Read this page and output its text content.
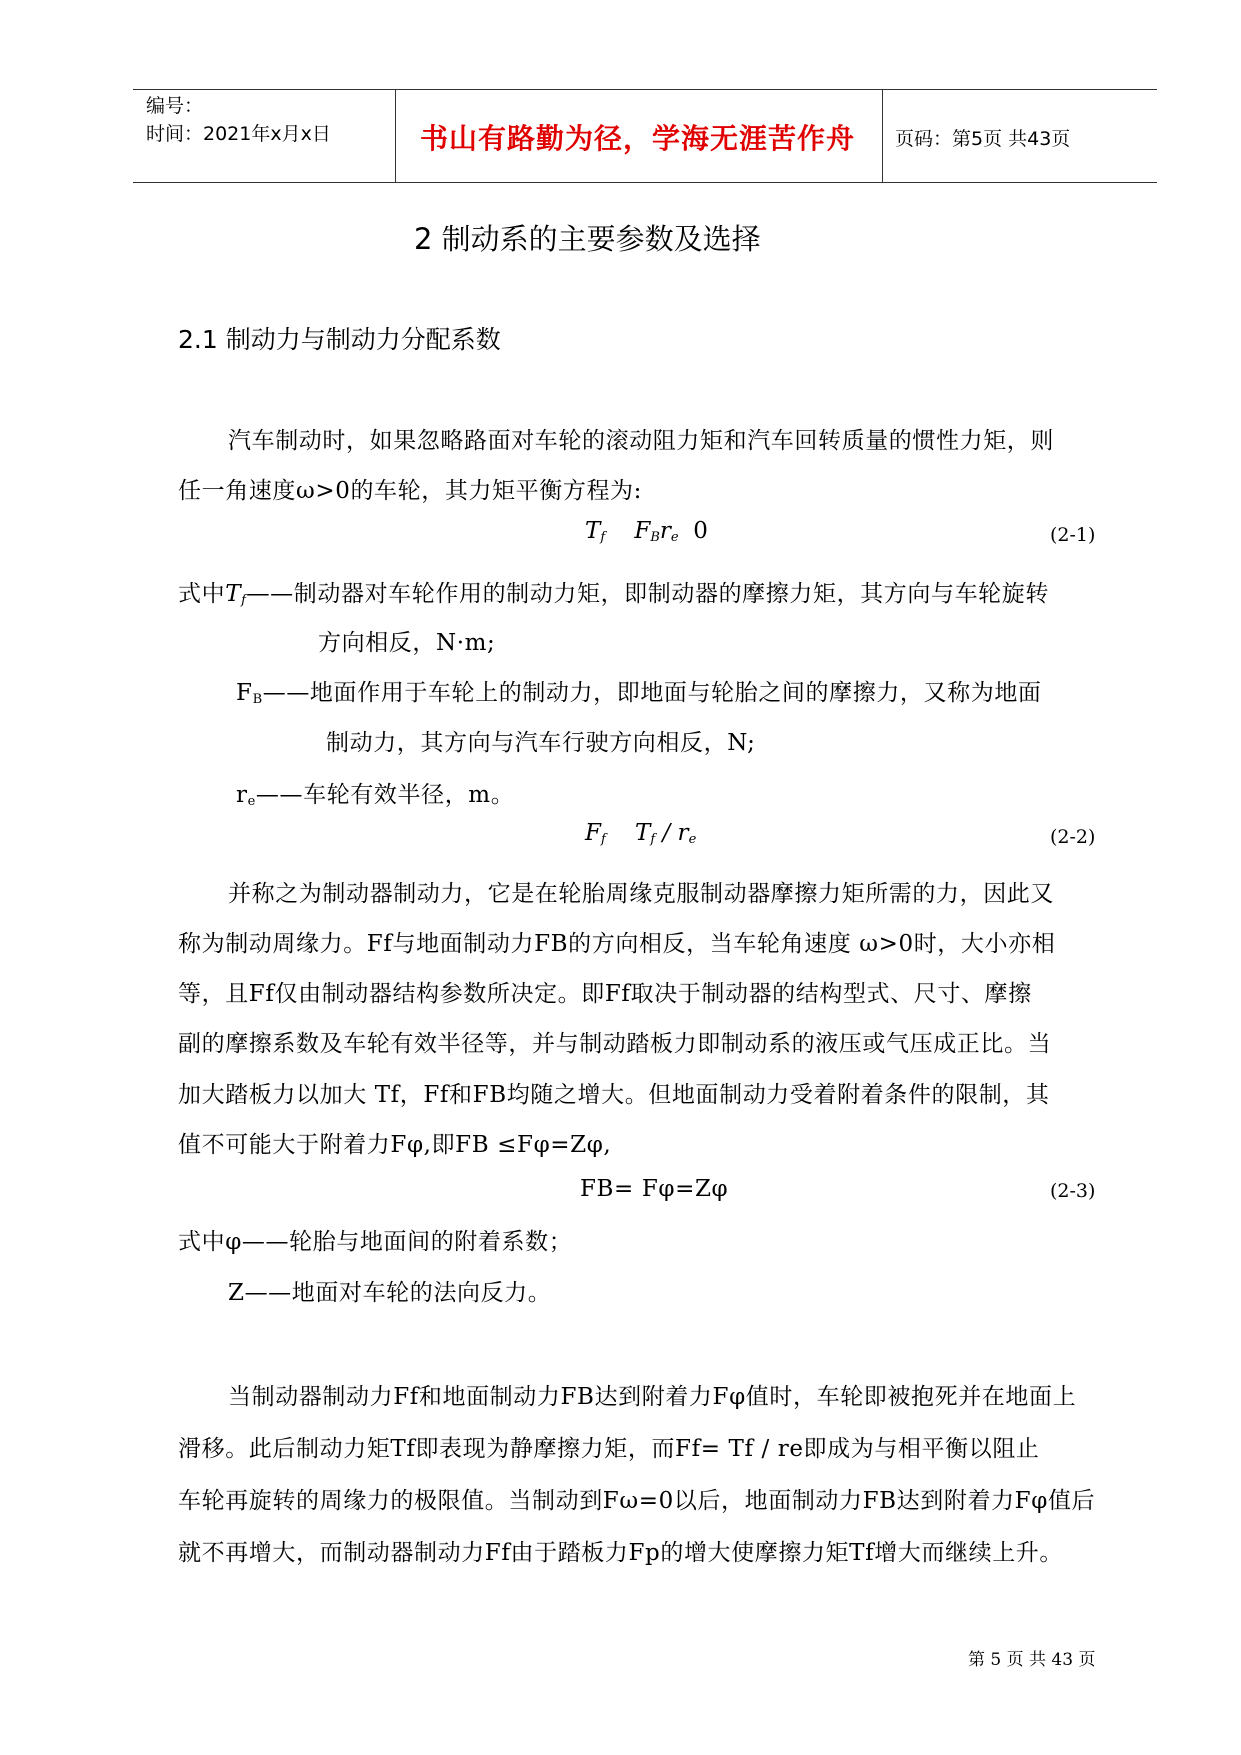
编号：
时间：2021年x月x日	书山有路勤为径，学海无涯苦作舟 页码：第5页 共43页
2 制动系的主要参数及选择
2.1 制动力与制动力分配系数
汽车制动时，如果忽略路面对车轮的滚动阻力矩和汽车回转质量的惯性力矩，则
任一角速度ω>0的车轮，其力矩平衡方程为:
$T_f$    $F_Br_e$ 0	(2-1)
式中$T_f——$制动器对车轮作用的制动力矩，即制动器的摩擦力矩，其方向与车轮旋转
方向相反，N·m;
$F_B——$地面作用于车轮上的制动力，即地面与轮胎之间的摩擦力，又称为地面
制动力，其方向与汽车行驶方向相反，N;
$r_e——$车轮有效半径，m。
$F_f$    $T_f / r_e$	(2-2)
并称之为制动器制动力，它是在轮胎周缘克服制动器摩擦力矩所需的力，因此又
称为制动周缘力。Ff与地面制动力FB的方向相反，当车轮角速度 ω>0时，大小亦相
等，且Ff仅由制动器结构参数所决定。即Ff取决于制动器的结构型式、尺寸、摩擦
副的摩擦系数及车轮有效半径等，并与制动踏板力即制动系的液压或气压成正比。当
加大踏板力以加大 Tf，Ff和FB均随之增大。但地面制动力受着附着条件的限制，其
值不可能大于附着力Fφ,即FB ≤Fφ=Zφ,
FB= Fφ=Zφ	(2-3)
式中φ——轮胎与地面间的附着系数；
Z——地面对车轮的法向反力。
当制动器制动力Ff和地面制动力FB达到附着力Fφ值时，车轮即被抱死并在地面上
滑移。此后制动力矩Tf即表现为静摩擦力矩，而Ff= Tf / re即成为与相平衡以阻止
车轮再旋转的周缘力的极限值。当制动到Fω=0以后，地面制动力FB达到附着力Fφ值后
就不再增大，而制动器制动力Ff由于踏板力Fp的增大使摩擦力矩Tf增大而继续上升。
第 5 页 共 43 页
